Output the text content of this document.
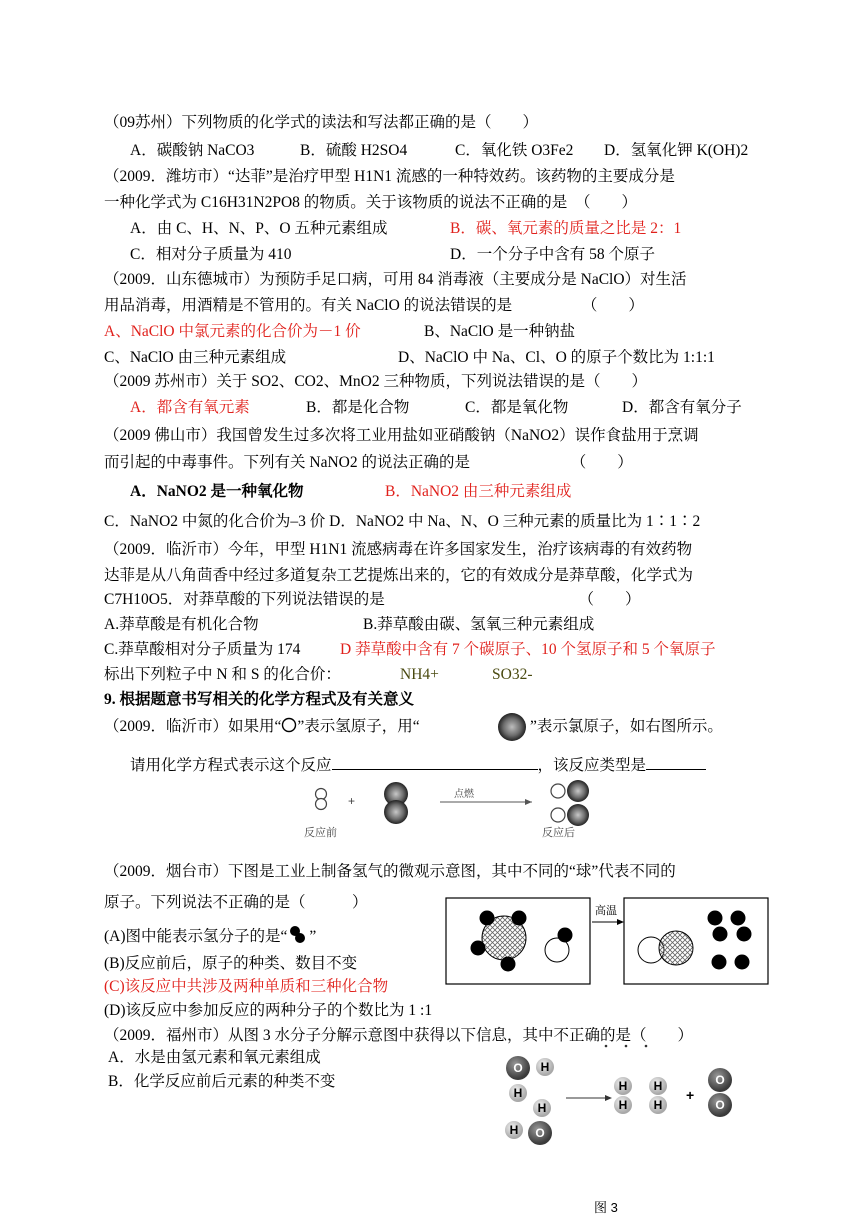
（09苏州）下列物质的化学式的读法和写法都正确的是（　　）
A．碳酸钠 NaCO3	B．硫酸 H2SO4	C．氧化铁 O3Fe2 D．氢氧化钾 K(OH)2
（2009．潍坊市）“达菲”是治疗甲型 H1N1 流感的一种特效药。该药物的主要成分是
一种化学式为 C16H31N2PO8 的物质。关于该物质的说法不正确的是　（　　）
A．由 C、H、N、P、O 五种元素组成	B．碳、氧元素的质量之比是 2：1
C．相对分子质量为 410	D．一个分子中含有 58 个原子
（2009．山东德城市）为预防手足口病，可用 84 消毒液（主要成分是 NaClO）对生活
用品消毒，用酒精是不管用的。有关 NaClO 的说法错误的是　　　　　（　　）
A、NaClO 中氯元素的化合价为－1 价	B、NaClO 是一种钠盐
C、NaClO 由三种元素组成	D、NaClO 中 Na、Cl、O 的原子个数比为 1:1:1
（2009 苏州市）关于 SO2、CO2、MnO2 三种物质，下列说法错误的是（　　）
A．都含有氧元素	B．都是化合物	C．都是氧化物	D．都含有氧分子
（2009 佛山市）我国曾发生过多次将工业用盐如亚硝酸钠（NaNO2）误作食盐用于烹调
而引起的中毒事件。下列有关 NaNO2 的说法正确的是　　　　　　　（　　）
A．NaNO2 是一种氧化物	B．NaNO2 由三种元素组成
C．NaNO2 中氮的化合价为–3 价 D．NaNO2 中 Na、N、O 三种元素的质量比为 1∶1∶2
（2009．临沂市）今年，甲型 H1N1 流感病毒在许多国家发生，治疗该病毒的有效药物
达菲是从八角茴香中经过多道复杂工艺提炼出来的，它的有效成分是莽草酸，化学式为
C7H10O5．对莽草酸的下列说法错误的是　　　　　　　　　　　　　（　　）
A.莽草酸是有机化合物	B.莽草酸由碳、氢氧三种元素组成
C.莽草酸相对分子质量为 174	D 莽草酸中含有 7 个碳原子、10 个氢原子和 5 个氧原子
标出下列粒子中 N 和 S 的化合价：	NH4+	SO32-
9. 根据题意书写相关的化学方程式及有关意义
（2009．临沂市）如果用“ ”表示氢原子，用“	”表示氯原子，如右图所示。
请用化学方程式表示这个反应	，该反应类型是
+	点燃
反应前	反应后
（2009．烟台市）下图是工业上制备氢气的微观示意图，其中不同的“球”代表不同的
原子。下列说法不正确的是（　　　）
(A)图中能表示氢分子的是“ ”
(B)反应前后，原子的种类、数目不变
(C)该反应中共涉及两种单质和三种化合物
(D)该反应中参加反应的两种分子的个数比为 1 :1
高温
（2009．福州市）从图 3 水分子分解示意图中获得以下信息，其中不正确的是（　　）
A．水是由氢元素和氧元素组成
B．化学反应前后元素的种类不变
O H
H
H
O
H
H
H
H
H
+
O
O
图 3
